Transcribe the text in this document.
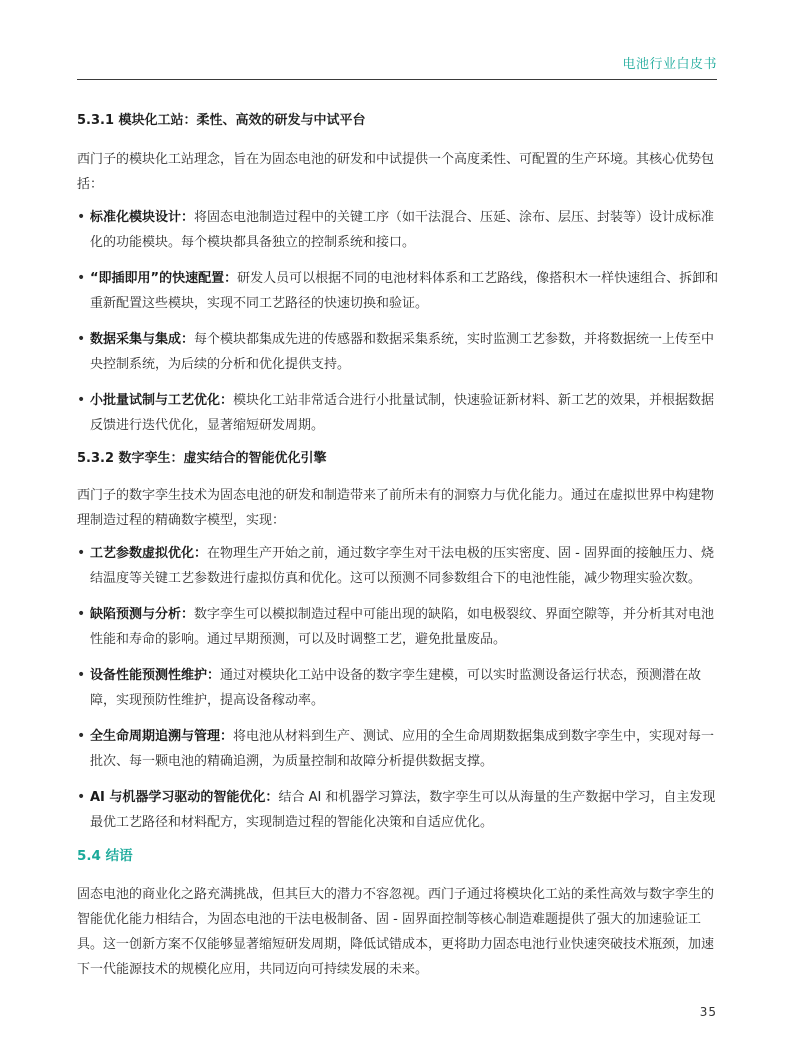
电池行业白皮书
5.3.1 模块化工站：柔性、高效的研发与中试平台

西门子的模块化工站理念，旨在为固态电池的研发和中试提供一个高度柔性、可配置的生产环境。其核心优势包括：

• 标准化模块设计：将固态电池制造过程中的关键工序（如干法混合、压延、涂布、层压、封装等）设计成标准化的功能模块。每个模块都具备独立的控制系统和接口。
• “即插即用”的快速配置：研发人员可以根据不同的电池材料体系和工艺路线，像搭积木一样快速组合、拆卸和重新配置这些模块，实现不同工艺路径的快速切换和验证。
• 数据采集与集成：每个模块都集成先进的传感器和数据采集系统，实时监测工艺参数，并将数据统一上传至中央控制系统，为后续的分析和优化提供支持。
• 小批量试制与工艺优化：模块化工站非常适合进行小批量试制，快速验证新材料、新工艺的效果，并根据数据反馈进行迭代优化，显著缩短研发周期。
5.3.2 数字孪生：虚实结合的智能优化引擎

西门子的数字孪生技术为固态电池的研发和制造带来了前所未有的洞察力与优化能力。通过在虚拟世界中构建物理制造过程的精确数字模型，实现：

• 工艺参数虚拟优化：在物理生产开始之前，通过数字孪生对干法电极的压实密度、固 - 固界面的接触压力、烧结温度等关键工艺参数进行虚拟仿真和优化。这可以预测不同参数组合下的电池性能，减少物理实验次数。
• 缺陷预测与分析：数字孪生可以模拟制造过程中可能出现的缺陷，如电极裂纹、界面空隙等，并分析其对电池性能和寿命的影响。通过早期预测，可以及时调整工艺，避免批量废品。
• 设备性能预测性维护：通过对模块化工站中设备的数字孪生建模，可以实时监测设备运行状态，预测潜在故障，实现预防性维护，提高设备稼动率。
• 全生命周期追溯与管理：将电池从材料到生产、测试、应用的全生命周期数据集成到数字孪生中，实现对每一批次、每一颗电池的精确追溯，为质量控制和故障分析提供数据支撑。
• AI 与机器学习驱动的智能优化：结合 AI 和机器学习算法，数字孪生可以从海量的生产数据中学习，自主发现最优工艺路径和材料配方，实现制造过程的智能化决策和自适应优化。
5.4 结语

固态电池的商业化之路充满挑战，但其巨大的潜力不容忽视。西门子通过将模块化工站的柔性高效与数字孪生的智能优化能力相结合，为固态电池的干法电极制备、固 - 固界面控制等核心制造难题提供了强大的加速验证工具。这一创新方案不仅能够显著缩短研发周期，降低试错成本，更将助力固态电池行业快速突破技术瓶颈，加速下一代能源技术的规模化应用，共同迈向可持续发展的未来。

35
